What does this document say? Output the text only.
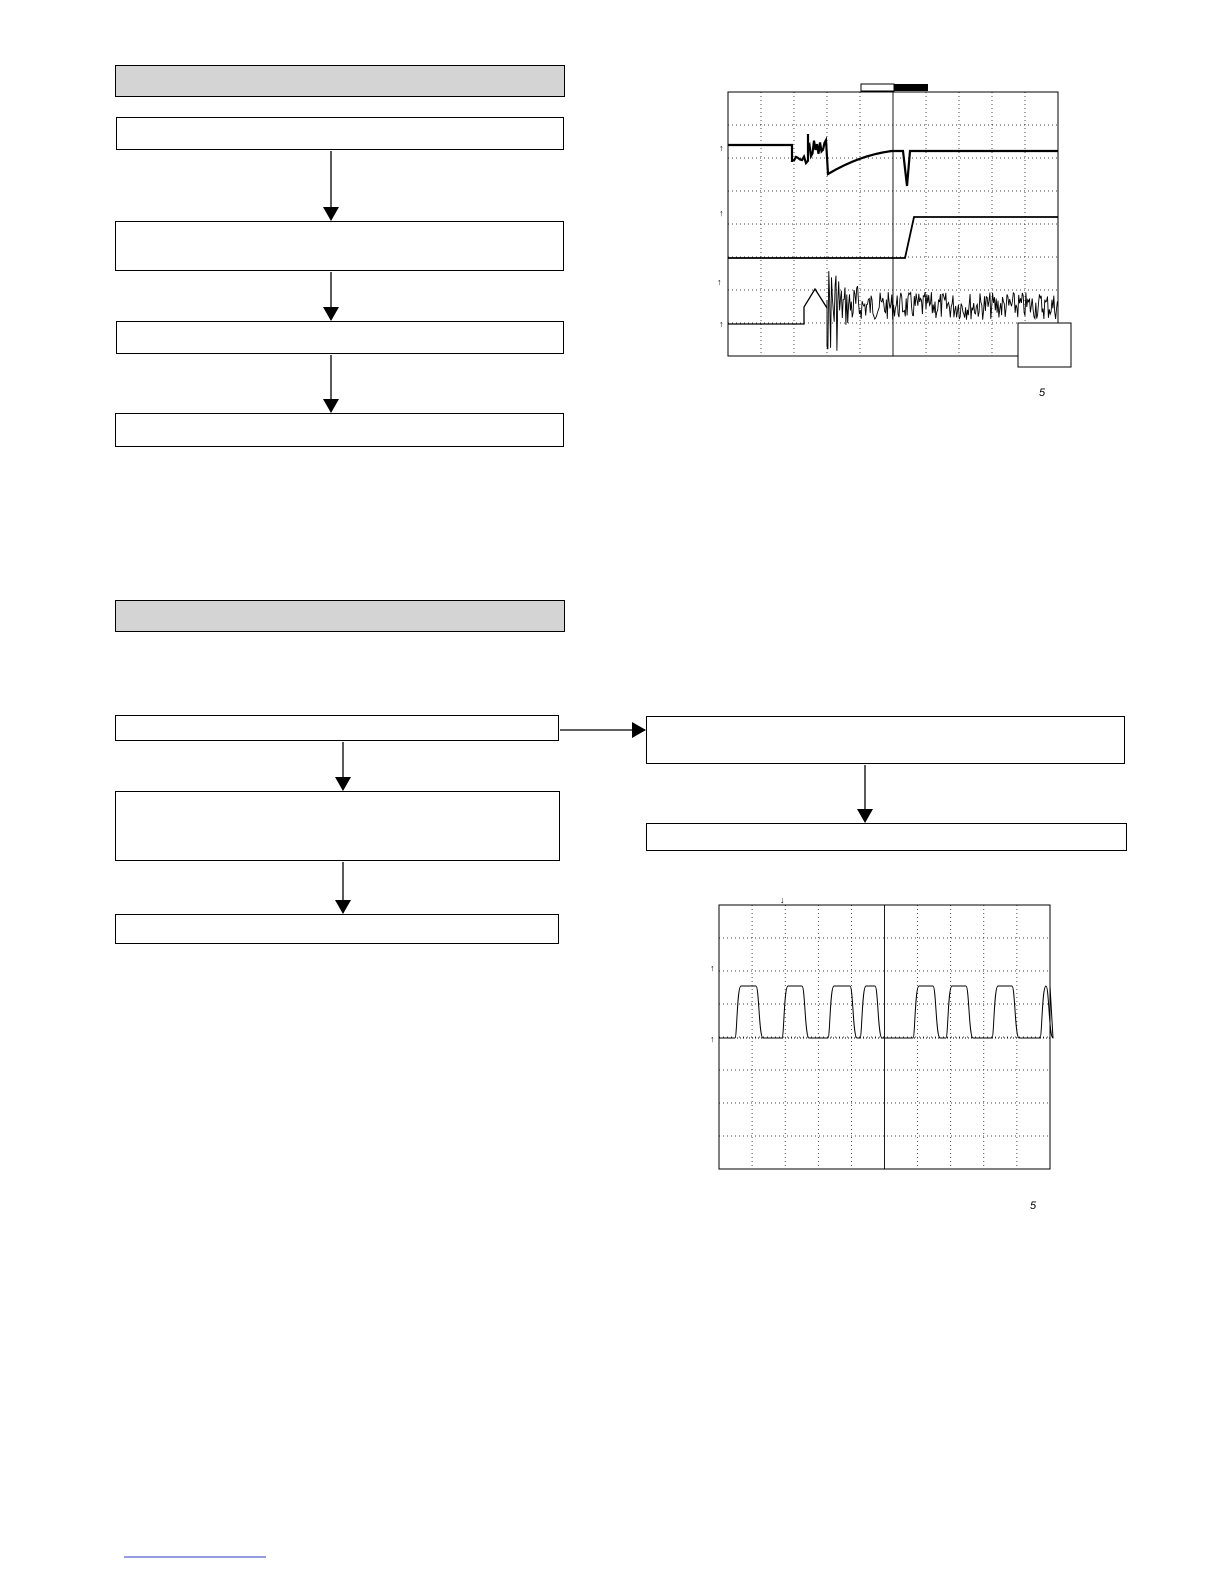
↑
↑
↑
↑
5
↑
↑
↓
5
